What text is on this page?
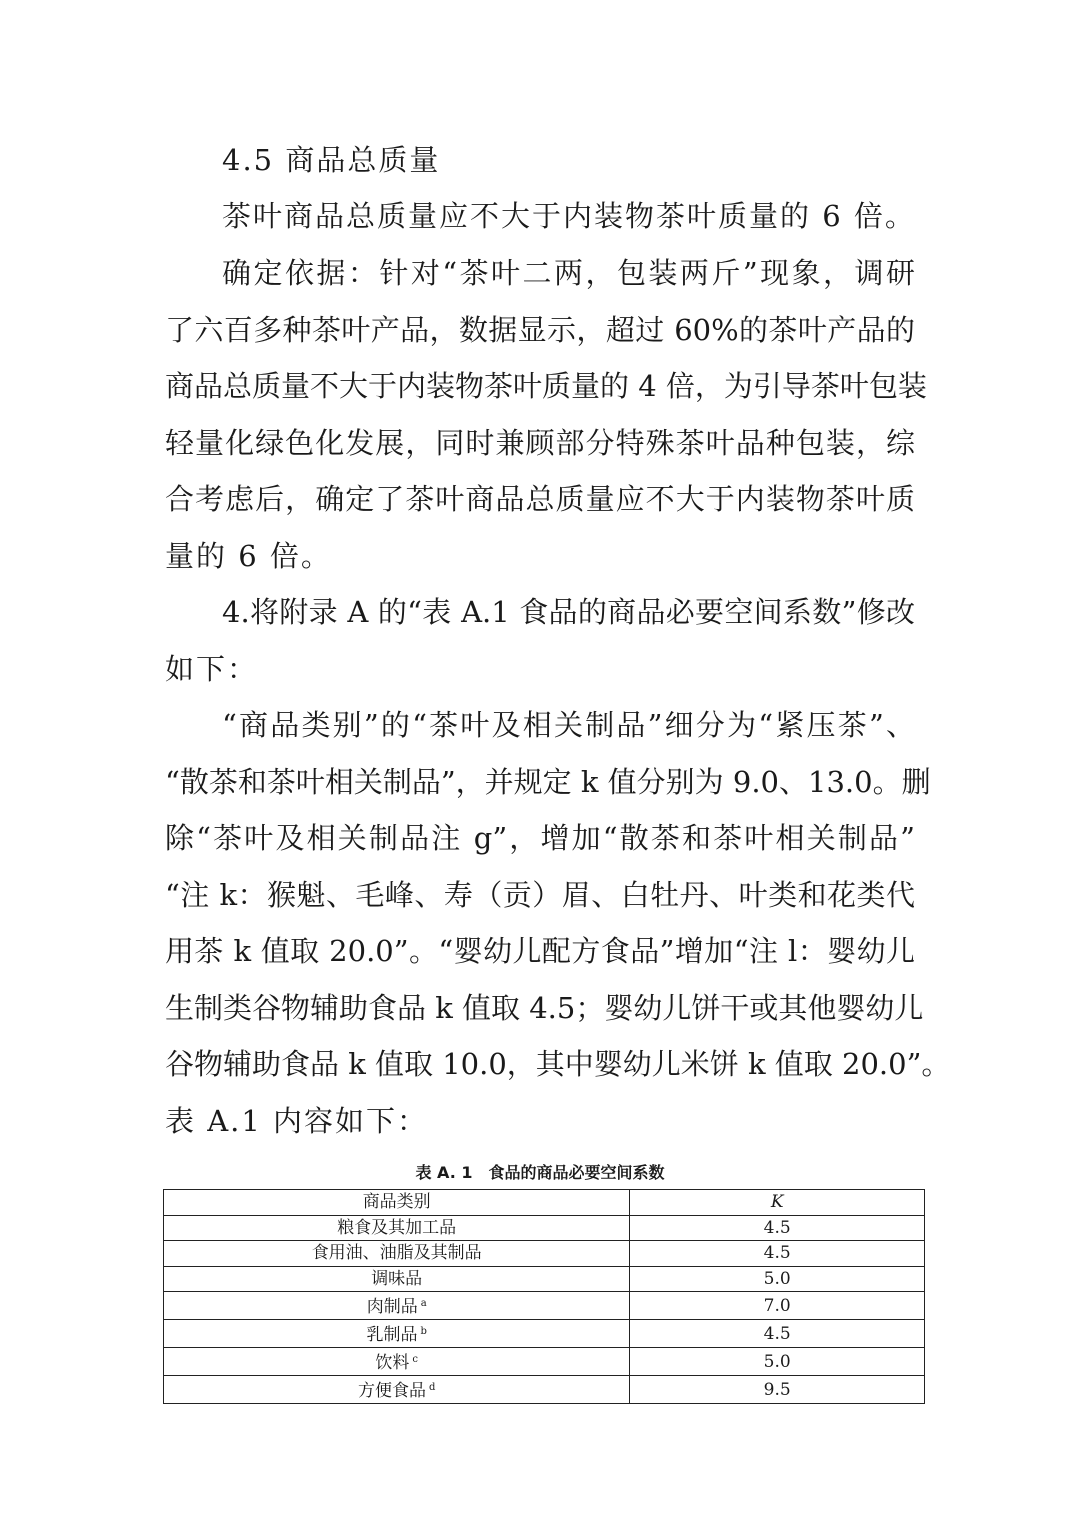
4.5 商品总质量
茶叶商品总质量应不大于内装物茶叶质量的 6 倍。
确定依据：针对“茶叶二两，包装两斤”现象，调研
了六百多种茶叶产品，数据显示，超过 60%的茶叶产品的
商品总质量不大于内装物茶叶质量的 4 倍，为引导茶叶包装
轻量化绿色化发展，同时兼顾部分特殊茶叶品种包装，综
合考虑后，确定了茶叶商品总质量应不大于内装物茶叶质
量的 6 倍。
4.将附录 A 的“表 A.1 食品的商品必要空间系数”修改
如下：
“商品类别”的“茶叶及相关制品”细分为“紧压茶”、
“散茶和茶叶相关制品”，并规定 k 值分别为 9.0、13.0。删
除“茶叶及相关制品注 g”，增加“散茶和茶叶相关制品”
“注 k：猴魁、毛峰、寿（贡）眉、白牡丹、叶类和花类代
用茶 k 值取 20.0”。“婴幼儿配方食品”增加“注 l：婴幼儿
生制类谷物辅助食品 k 值取 4.5；婴幼儿饼干或其他婴幼儿
谷物辅助食品 k 值取 10.0，其中婴幼儿米饼 k 值取 20.0”。
表 A.1 内容如下：
表 A. 1　食品的商品必要空间系数
商品类别	K
粮食及其加工品	4.5
食用油、油脂及其制品	4.5
调味品	5.0
肉制品 $^a$	7.0
乳制品 $^b$	4.5
饮料 $^c$	5.0
方便食品 $^d$	9.5
